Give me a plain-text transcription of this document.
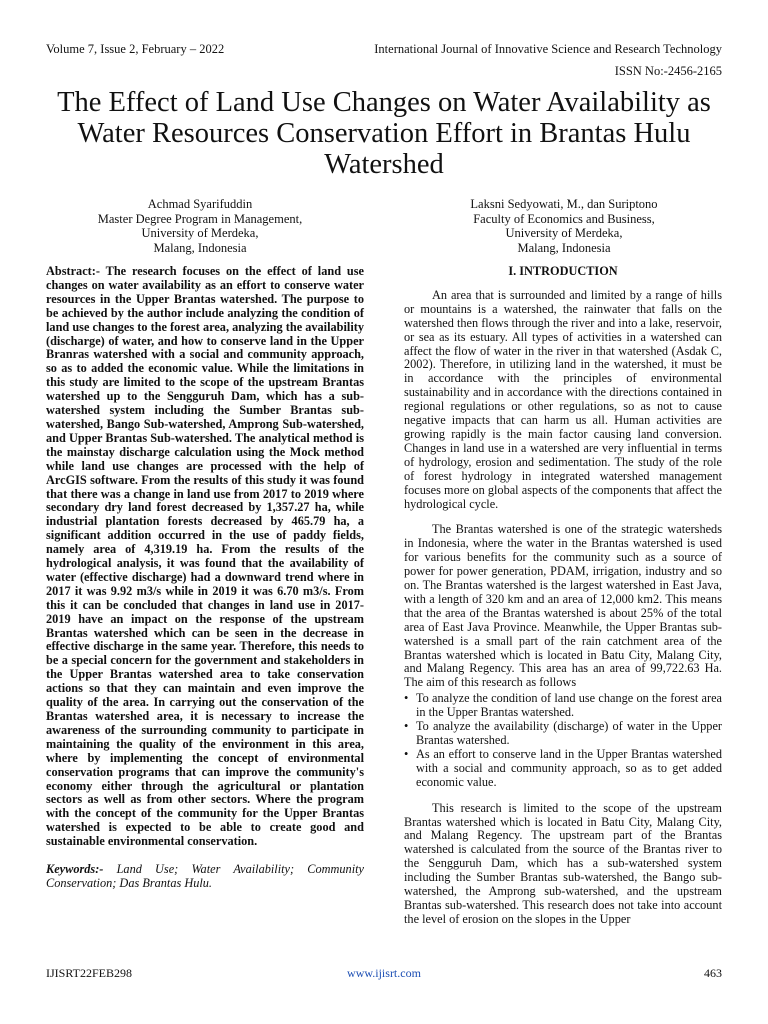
Volume 7, Issue 2, February – 2022	International Journal of Innovative Science and Research Technology
ISSN No:-2456-2165
The Effect of Land Use Changes on Water Availability as Water Resources Conservation Effort in Brantas Hulu Watershed
Achmad Syarifuddin
Master Degree Program in Management,
University of Merdeka,
Malang, Indonesia
Laksni Sedyowati, M., dan Suriptono
Faculty of Economics and Business,
University of Merdeka,
Malang, Indonesia

Abstract:- The research focuses on the effect of land use changes on water availability as an effort to conserve water resources in the Upper Brantas watershed. The purpose to be achieved by the author include analyzing the condition of land use changes to the forest area, analyzing the availability (discharge) of water, and how to conserve land in the Upper Branras watershed with a social and community approach, so as to added the economic value. While the limitations in this study are limited to the scope of the upstream Brantas watershed up to the Sengguruh Dam, which has a sub-watershed system including the Sumber Brantas sub-watershed, Bango Sub-watershed, Amprong Sub-watershed, and Upper Brantas Sub-watershed. The analytical method is the mainstay discharge calculation using the Mock method while land use changes are processed with the help of ArcGIS software. From the results of this study it was found that there was a change in land use from 2017 to 2019 where secondary dry land forest decreased by 1,357.27 ha, while industrial plantation forests decreased by 465.79 ha, a significant addition occurred in the use of paddy fields, namely area of 4,319.19 ha. From the results of the hydrological analysis, it was found that the availability of water (effective discharge) had a downward trend where in 2017 it was 9.92 m3/s while in 2019 it was 6.70 m3/s. From this it can be concluded that changes in land use in 2017-2019 have an impact on the response of the upstream Brantas watershed which can be seen in the decrease in effective discharge in the same year. Therefore, this needs to be a special concern for the government and stakeholders in the Upper Brantas watershed area to take conservation actions so that they can maintain and even improve the quality of the area. In carrying out the conservation of the Brantas watershed area, it is necessary to increase the awareness of the surrounding community to participate in maintaining the quality of the environment in this area, where by implementing the concept of environmental conservation programs that can improve the community's economy either through the agricultural or plantation sectors as well as from other sectors. Where the program with the concept of the community for the Upper Brantas watershed is expected to be able to create good and sustainable environmental conservation.

Keywords:- Land Use; Water Availability; Community Conservation; Das Brantas Hulu.

I. INTRODUCTION

An area that is surrounded and limited by a range of hills or mountains is a watershed, the rainwater that falls on the watershed then flows through the river and into a lake, reservoir, or sea as its estuary. All types of activities in a watershed can affect the flow of water in the river in that watershed (Asdak C, 2002). Therefore, in utilizing land in the watershed, it must be in accordance with the principles of environmental sustainability and in accordance with the directions contained in regional regulations or other regulations, so as not to cause negative impacts that can harm us all. Human activities are growing rapidly is the main factor causing land conversion. Changes in land use in a watershed are very influential in terms of hydrology, erosion and sedimentation. The study of the role of forest hydrology in integrated watershed management focuses more on global aspects of the components that affect the hydrological cycle.

The Brantas watershed is one of the strategic watersheds in Indonesia, where the water in the Brantas watershed is used for various benefits for the community such as a source of power for power generation, PDAM, irrigation, industry and so on. The Brantas watershed is the largest watershed in East Java, with a length of 320 km and an area of 12,000 km2. This means that the area of the Brantas watershed is about 25% of the total area of East Java Province. Meanwhile, the Upper Brantas sub-watershed is a small part of the rain catchment area of the Brantas watershed which is located in Batu City, Malang City, and Malang Regency. This area has an area of 99,722.63 Ha. The aim of this research as follows

• To analyze the condition of land use change on the forest area in the Upper Brantas watershed.
• To analyze the availability (discharge) of water in the Upper Brantas watershed.
• As an effort to conserve land in the Upper Brantas watershed with a social and community approach, so as to get added economic value.

This research is limited to the scope of the upstream Brantas watershed which is located in Batu City, Malang City, and Malang Regency. The upstream part of the Brantas watershed is calculated from the source of the Brantas river to the Sengguruh Dam, which has a sub-watershed system including the Sumber Brantas sub-watershed, the Bango sub-watershed, the Amprong sub-watershed, and the upstream Brantas sub-watershed. This research does not take into account the level of erosion on the slopes in the Upper

IJISRT22FEB298	www.ijisrt.com	463
